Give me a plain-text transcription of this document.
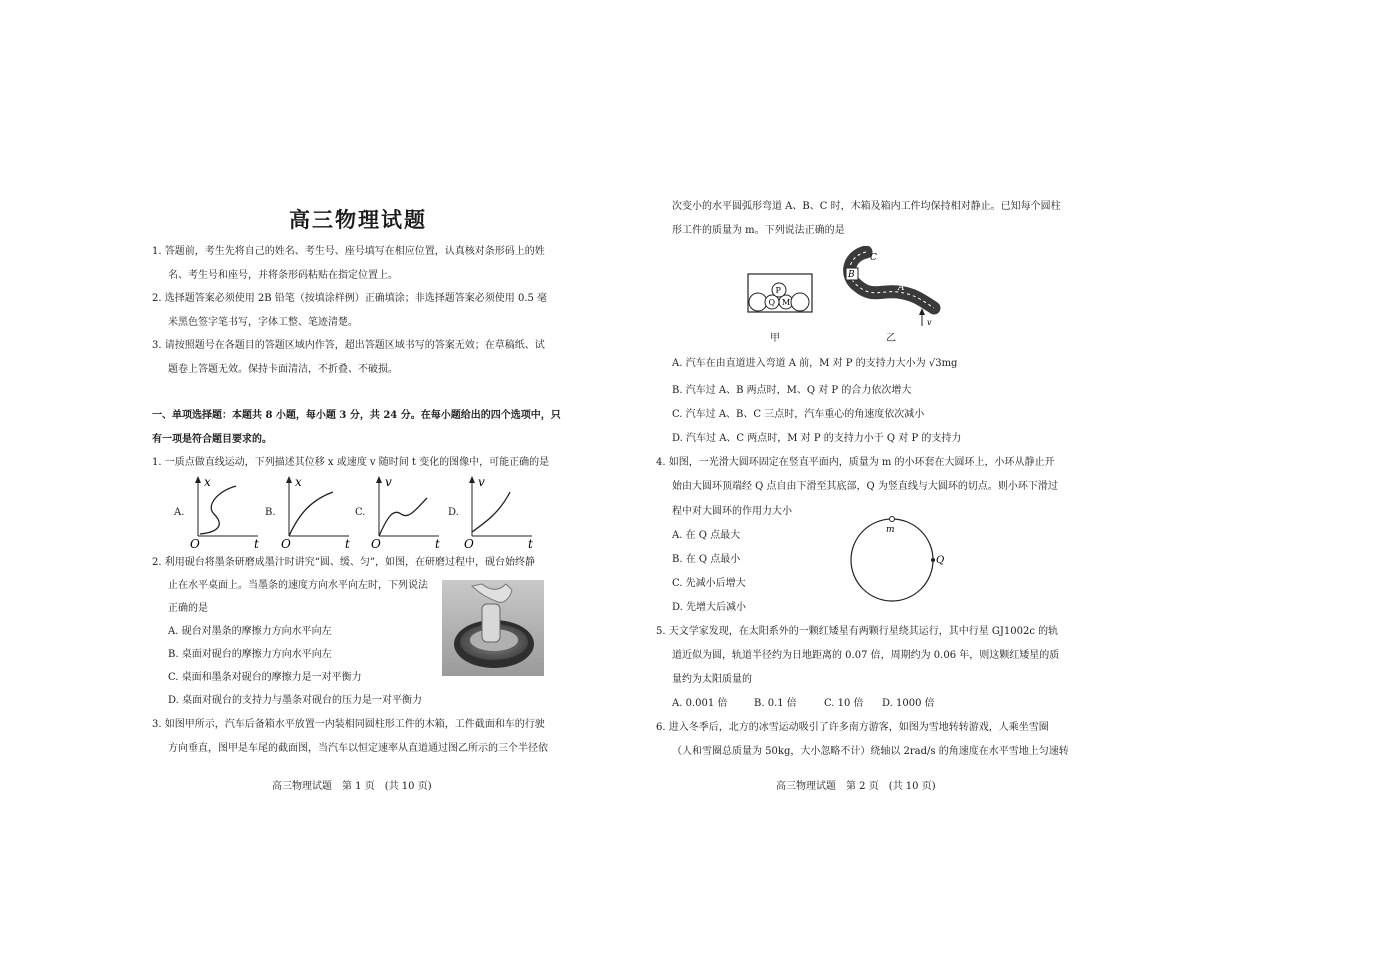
高三物理试题
1. 答题前，考生先将自己的姓名、考生号、座号填写在相应位置，认真核对条形码上的姓
名、考生号和座号，并将条形码粘贴在指定位置上。
2. 选择题答案必须使用 2B 铅笔（按填涂样例）正确填涂；非选择题答案必须使用 0.5 毫
米黑色签字笔书写，字体工整、笔迹清楚。
3. 请按照题号在各题目的答题区域内作答，超出答题区域书写的答案无效；在草稿纸、试
题卷上答题无效。保持卡面清洁，不折叠、不破损。
一、单项选择题：本题共 8 小题，每小题 3 分，共 24 分。在每小题给出的四个选项中，只
有一项是符合题目要求的。
1. 一质点做直线运动，下列描述其位移 x 或速度 v 随时间 t 变化的图像中，可能正确的是
A.
x
O	t
B.
x
O	t
C.
v
O	t
D.
v
O	t
2. 利用砚台将墨条研磨成墨汁时讲究“圆、缓、匀”，如图，在研磨过程中，砚台始终静
止在水平桌面上。当墨条的速度方向水平向左时，下列说法
正确的是
A. 砚台对墨条的摩擦力方向水平向左
B. 桌面对砚台的摩擦力方向水平向左
C. 桌面和墨条对砚台的摩擦力是一对平衡力
D. 桌面对砚台的支持力与墨条对砚台的压力是一对平衡力
3. 如图甲所示，汽车后备箱水平放置一内装相同圆柱形工件的木箱，工件截面和车的行驶
方向垂直，图甲是车尾的截面图，当汽车以恒定速率从直道通过图乙所示的三个半径依
高三物理试题　第 1 页　(共 10 页)
次变小的水平圆弧形弯道 A、B、C 时，木箱及箱内工件均保持相对静止。已知每个圆柱
形工件的质量为 m。下列说法正确的是
P
Q M
甲
B
C
A
v
乙
A. 汽车在由直道进入弯道 A 前，M 对 P 的支持力大小为 √3mg
B. 汽车过 A、B 两点时，M、Q 对 P 的合力依次增大
C. 汽车过 A、B、C 三点时，汽车重心的角速度依次减小
D. 汽车过 A、C 两点时，M 对 P 的支持力小于 Q 对 P 的支持力
4. 如图，一光滑大圆环固定在竖直平面内，质量为 m 的小环套在大圆环上，小环从静止开
始由大圆环顶端经 Q 点自由下滑至其底部，Q 为竖直线与大圆环的切点。则小环下滑过
程中对大圆环的作用力大小
A. 在 Q 点最大
B. 在 Q 点最小
C. 先减小后增大
D. 先增大后减小
m
Q
5. 天文学家发现，在太阳系外的一颗红矮星有两颗行星绕其运行，其中行星 GJ1002c 的轨
道近似为圆，轨道半径约为日地距离的 0.07 倍，周期约为 0.06 年，则这颗红矮星的质
量约为太阳质量的
A. 0.001 倍	B. 0.1 倍	C. 10 倍 D. 1000 倍
6. 进入冬季后，北方的冰雪运动吸引了许多南方游客，如图为雪地转转游戏，人乘坐雪圈
（人和雪圈总质量为 50kg，大小忽略不计）绕轴以 2rad/s 的角速度在水平雪地上匀速转
高三物理试题　第 2 页　(共 10 页)
